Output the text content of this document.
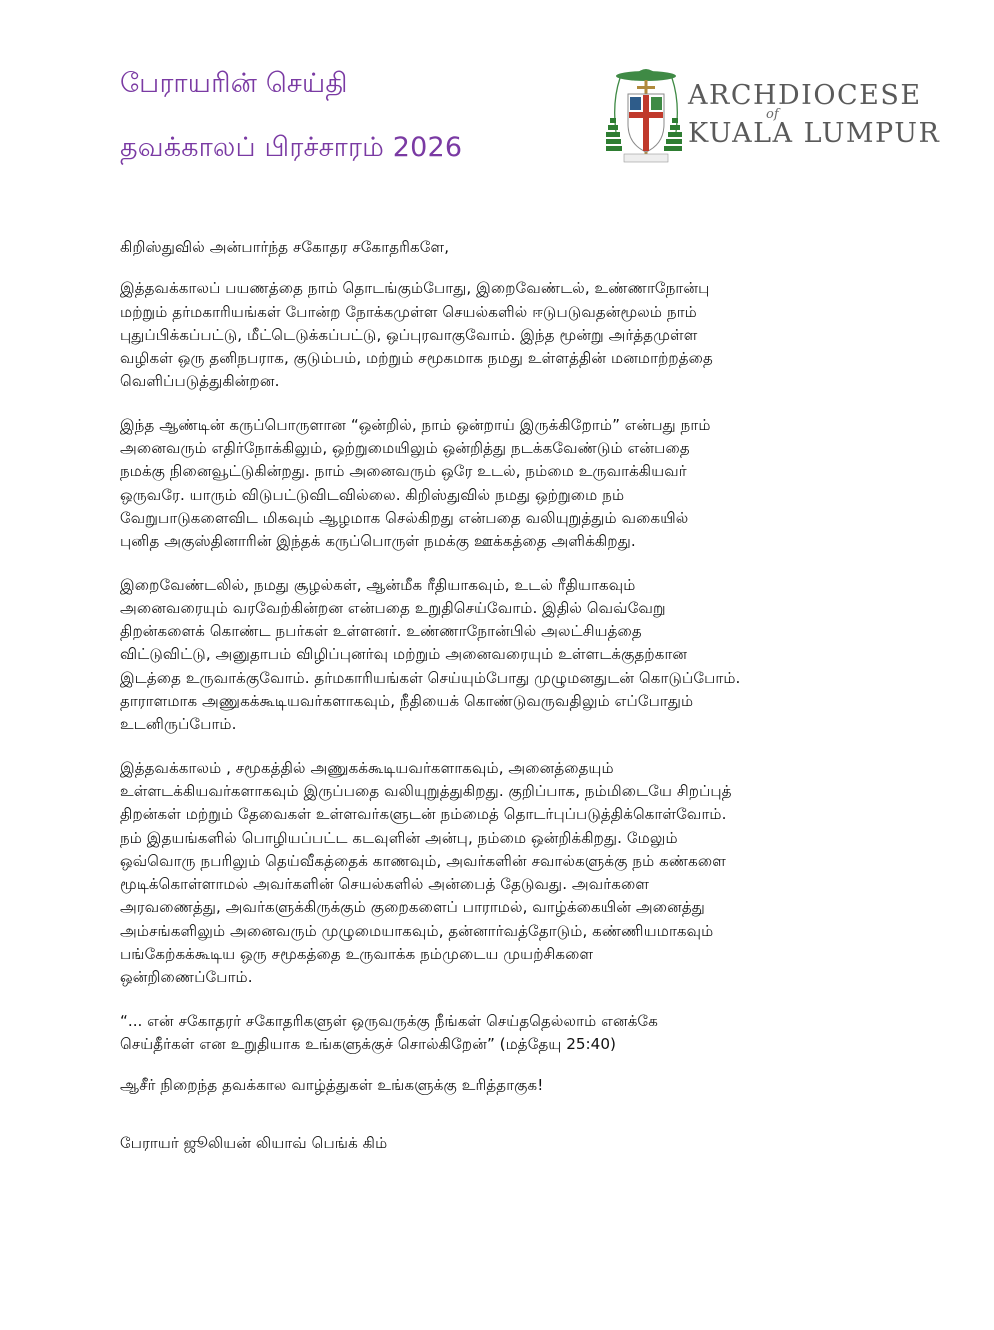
பேராயரின் செய்தி
தவக்காலப் பிரச்சாரம் 2026
ARCHDIOCESE
of
KUALA LUMPUR

கிறிஸ்துவில் அன்பார்ந்த சகோதர சகோதரிகளே,

இத்தவக்காலப் பயணத்தை நாம் தொடங்கும்போது, இறைவேண்டல், உண்ணாநோன்பு
மற்றும் தர்மகாரியங்கள் போன்ற நோக்கமுள்ள செயல்களில் ஈடுபடுவதன்மூலம் நாம்
புதுப்பிக்கப்பட்டு, மீட்டெடுக்கப்பட்டு, ஒப்புரவாகுவோம். இந்த மூன்று அர்த்தமுள்ள
வழிகள் ஒரு தனிநபராக, குடும்பம், மற்றும் சமூகமாக நமது உள்ளத்தின் மனமாற்றத்தை
வெளிப்படுத்துகின்றன.

இந்த ஆண்டின் கருப்பொருளான “ஒன்றில், நாம் ஒன்றாய் இருக்கிறோம்” என்பது நாம்
அனைவரும் எதிர்நோக்கிலும், ஒற்றுமையிலும் ஒன்றித்து நடக்கவேண்டும் என்பதை
நமக்கு நினைவூட்டுகின்றது. நாம் அனைவரும் ஒரே உடல், நம்மை உருவாக்கியவர்
ஒருவரே. யாரும் விடுபட்டுவிடவில்லை. கிறிஸ்துவில் நமது ஒற்றுமை நம்
வேறுபாடுகளைவிட மிகவும் ஆழமாக செல்கிறது என்பதை வலியுறுத்தும் வகையில்
புனித அகுஸ்தினாரின் இந்தக் கருப்பொருள் நமக்கு ஊக்கத்தை அளிக்கிறது.

இறைவேண்டலில், நமது சூழல்கள், ஆன்மீக ரீதியாகவும், உடல் ரீதியாகவும்
அனைவரையும் வரவேற்கின்றன என்பதை உறுதிசெய்வோம். இதில் வெவ்வேறு
திறன்களைக் கொண்ட நபர்கள் உள்ளனர். உண்ணாநோன்பில் அலட்சியத்தை
விட்டுவிட்டு, அனுதாபம் விழிப்புனர்வு மற்றும் அனைவரையும் உள்ளடக்குதற்கான
இடத்தை உருவாக்குவோம். தர்மகாரியங்கள் செய்யும்போது முழுமனதுடன் கொடுப்போம்.
தாராளமாக அணுகக்கூடியவர்களாகவும், நீதியைக் கொண்டுவருவதிலும் எப்போதும்
உடனிருப்போம்.

இத்தவக்காலம் , சமூகத்தில் அணுகக்கூடியவர்களாகவும், அனைத்தையும்
உள்ளடக்கியவர்களாகவும் இருப்பதை வலியுறுத்துகிறது. குறிப்பாக, நம்மிடையே சிறப்புத்
திறன்கள் மற்றும் தேவைகள் உள்ளவர்களுடன் நம்மைத் தொடர்புப்படுத்திக்கொள்வோம்.
நம் இதயங்களில் பொழியப்பட்ட கடவுளின் அன்பு, நம்மை ஒன்றிக்கிறது. மேலும்
ஒவ்வொரு நபரிலும் தெய்வீகத்தைக் காணவும், அவர்களின் சவால்களுக்கு நம் கண்களை
மூடிக்கொள்ளாமல் அவர்களின் செயல்களில் அன்பைத் தேடுவது. அவர்களை
அரவணைத்து, அவர்களுக்கிருக்கும் குறைகளைப் பாராமல், வாழ்க்கையின் அனைத்து
அம்சங்களிலும் அனைவரும் முழுமையாகவும், தன்னார்வத்தோடும், கண்ணியமாகவும்
பங்கேற்கக்கூடிய ஒரு சமூகத்தை உருவாக்க நம்முடைய முயற்சிகளை
ஒன்றிணைப்போம்.

“... என் சகோதரர் சகோதரிகளுள் ஒருவருக்கு நீங்கள் செய்ததெல்லாம் எனக்கே
செய்தீர்கள் என உறுதியாக உங்களுக்குச் சொல்கிறேன்” (மத்தேயு 25:40)

ஆசீர் நிறைந்த தவக்கால வாழ்த்துகள் உங்களுக்கு உரித்தாகுக!

பேராயர் ஜூலியன் லியாவ் பெங்க் கிம்
